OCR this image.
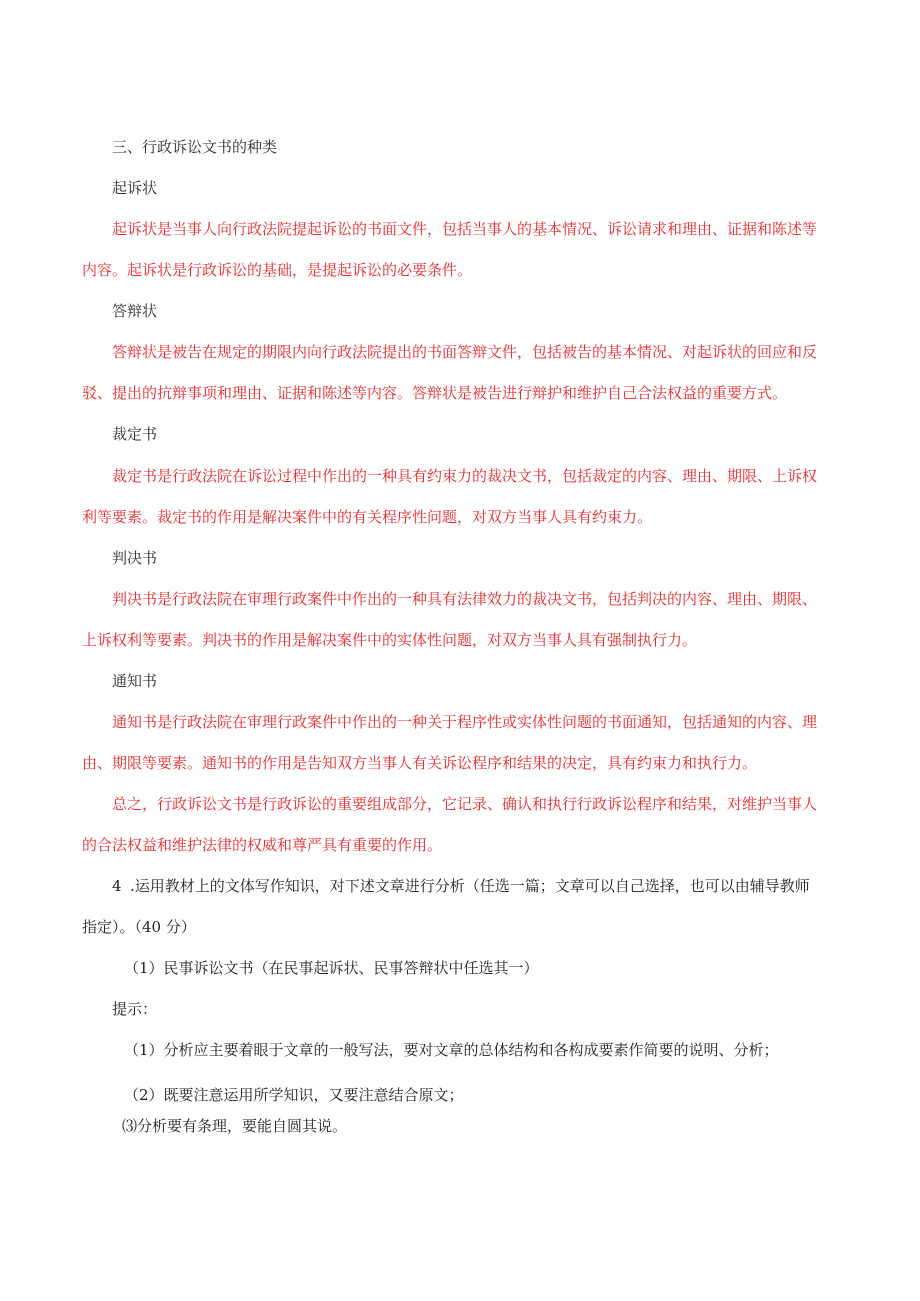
三、行政诉讼文书的种类
起诉状
起诉状是当事人向行政法院提起诉讼的书面文件，包括当事人的基本情况、诉讼请求和理由、证据和陈述等
内容。起诉状是行政诉讼的基础，是提起诉讼的必要条件。
答辩状
答辩状是被告在规定的期限内向行政法院提出的书面答辩文件，包括被告的基本情况、对起诉状的回应和反
驳、提出的抗辩事项和理由、证据和陈述等内容。答辩状是被告进行辩护和维护自己合法权益的重要方式。
裁定书
裁定书是行政法院在诉讼过程中作出的一种具有约束力的裁决文书，包括裁定的内容、理由、期限、上诉权
利等要素。裁定书的作用是解决案件中的有关程序性问题，对双方当事人具有约束力。
判决书
判决书是行政法院在审理行政案件中作出的一种具有法律效力的裁决文书，包括判决的内容、理由、期限、
上诉权利等要素。判决书的作用是解决案件中的实体性问题，对双方当事人具有强制执行力。
通知书
通知书是行政法院在审理行政案件中作出的一种关于程序性或实体性问题的书面通知，包括通知的内容、理
由、期限等要素。通知书的作用是告知双方当事人有关诉讼程序和结果的决定，具有约束力和执行力。
总之，行政诉讼文书是行政诉讼的重要组成部分，它记录、确认和执行行政诉讼程序和结果，对维护当事人
的合法权益和维护法律的权威和尊严具有重要的作用。
4 .运用教材上的文体写作知识，对下述文章进行分析（任选一篇；文章可以自己选择，也可以由辅导教师
指定）。（40 分）
（1）民事诉讼文书（在民事起诉状、民事答辩状中任选其一）
提示：
（1）分析应主要着眼于文章的一般写法，要对文章的总体结构和各构成要素作简要的说明、分析；
（2）既要注意运用所学知识，又要注意结合原文；
⑶分析要有条理，要能自圆其说。
